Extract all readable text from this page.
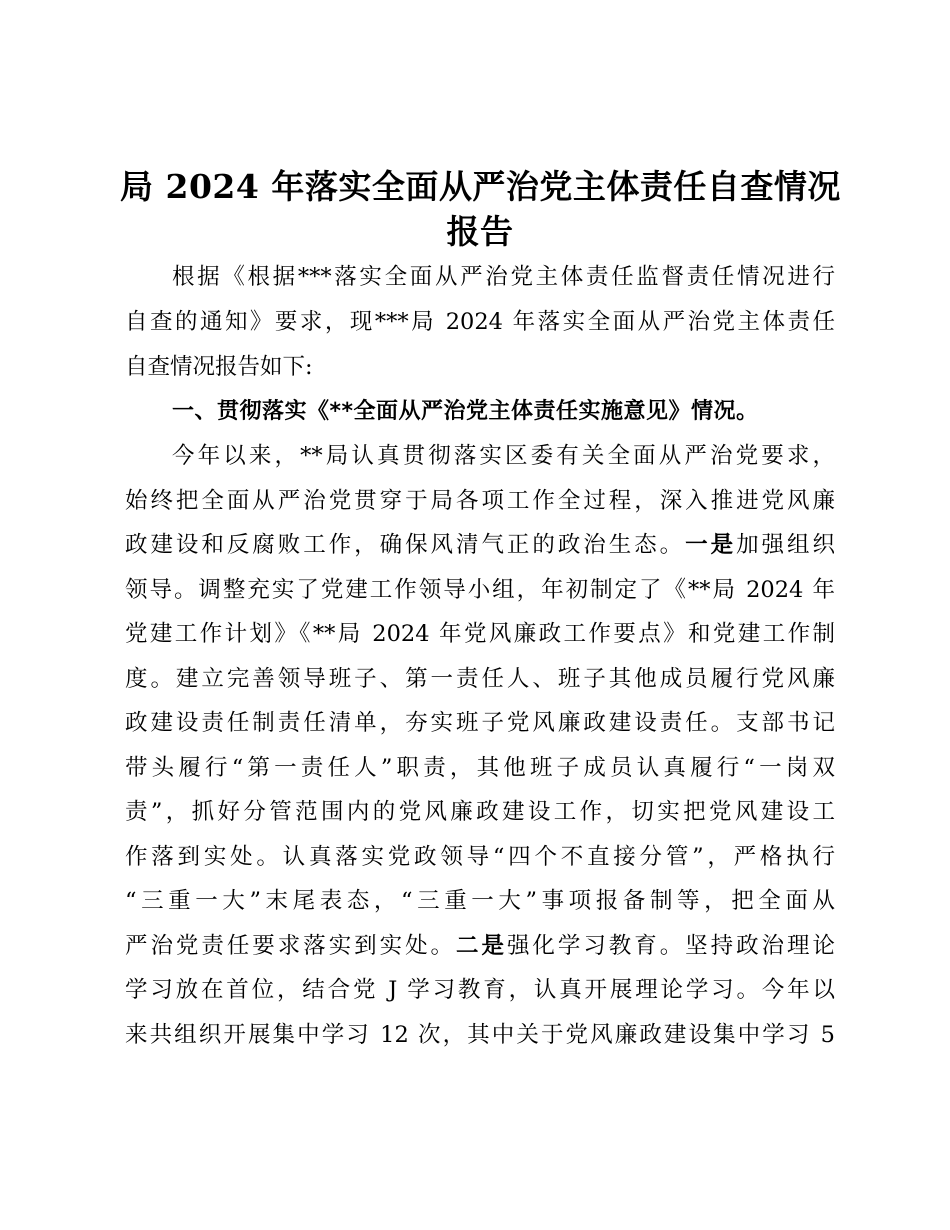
局 2024 年落实全面从严治党主体责任自查情况
报告
根据《根据***落实全面从严治党主体责任监督责任情况进行
自查的通知》要求，现***局 2024 年落实全面从严治党主体责任
自查情况报告如下:
一、贯彻落实《**全面从严治党主体责任实施意见》情况。
今年以来，**局认真贯彻落实区委有关全面从严治党要求，
始终把全面从严治党贯穿于局各项工作全过程，深入推进党风廉
政建设和反腐败工作，确保风清气正的政治生态。一是加强组织
领导。调整充实了党建工作领导小组，年初制定了《**局 2024 年
党建工作计划》《**局 2024 年党风廉政工作要点》和党建工作制
度。建立完善领导班子、第一责任人、班子其他成员履行党风廉
政建设责任制责任清单，夯实班子党风廉政建设责任。支部书记
带头履行“第一责任人”职责，其他班子成员认真履行“一岗双
责”，抓好分管范围内的党风廉政建设工作，切实把党风建设工
作落到实处。认真落实党政领导“四个不直接分管”，严格执行
“三重一大”末尾表态，“三重一大”事项报备制等，把全面从
严治党责任要求落实到实处。二是强化学习教育。坚持政治理论
学习放在首位，结合党 J 学习教育，认真开展理论学习。今年以
来共组织开展集中学习 12 次，其中关于党风廉政建设集中学习 5
